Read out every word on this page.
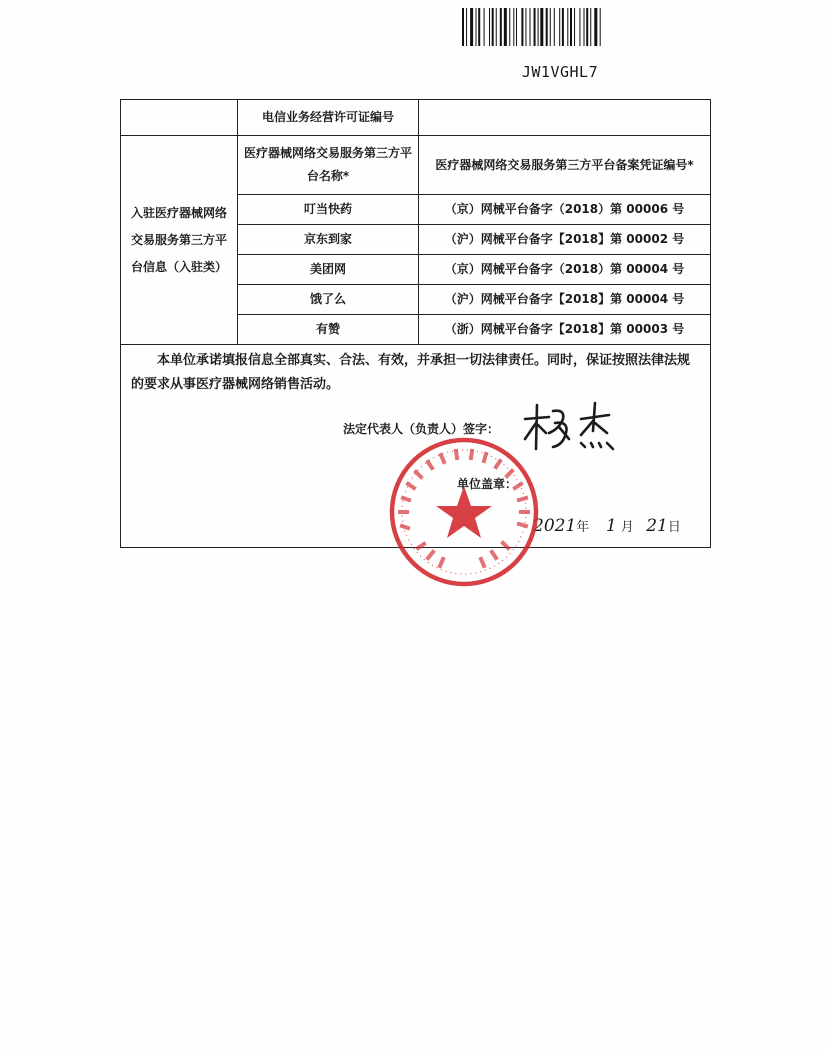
JW1VGHL7
	电信业务经营许可证编号	
入驻医疗器械网络交易服务第三方平台信息（入驻类）	医疗器械网络交易服务第三方平台名称*	医疗器械网络交易服务第三方平台备案凭证编号*
	叮当快药	（京）网械平台备字（2018）第 00006 号
	京东到家	（沪）网械平台备字【2018】第 00002 号
	美团网	（京）网械平台备字（2018）第 00004 号
	饿了么	（沪）网械平台备字【2018】第 00004 号
	有赞	（浙）网械平台备字【2018】第 00003 号

本单位承诺填报信息全部真实、合法、有效，并承担一切法律责任。同时，保证按照法律法规的要求从事医疗器械网络销售活动。
法定代表人（负责人）签字：
单位盖章：
2021年 1 月 21日		
